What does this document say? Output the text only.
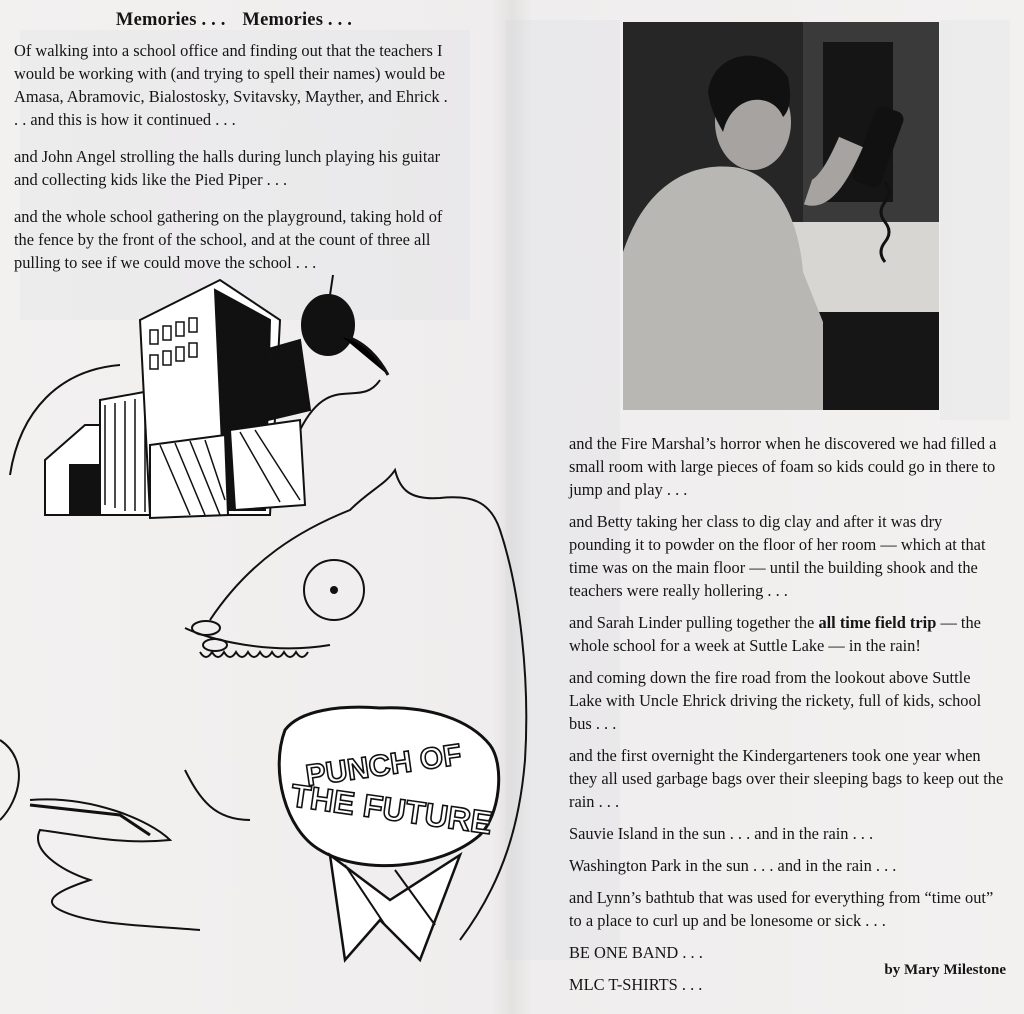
Memories . . . Memories . . .

Of walking into a school office and finding out that the teachers I would be working with (and trying to spell their names) would be Amasa, Abramovic, Bialostosky, Svitavsky, Mayther, and Ehrick . . . and this is how it continued . . .

and John Angel strolling the halls during lunch playing his guitar and collecting kids like the Pied Piper . . .

and the whole school gathering on the playground, taking hold of the fence by the front of the school, and at the count of three all pulling to see if we could move the school . . .

PUNCH OF
THE FUTURE

and the Fire Marshal’s horror when he discovered we had filled a small room with large pieces of foam so kids could go in there to jump and play . . .

and Betty taking her class to dig clay and after it was dry pounding it to powder on the floor of her room — which at that time was on the main floor — until the building shook and the teachers were really hollering . . .

and Sarah Linder pulling together the all time field trip — the whole school for a week at Suttle Lake — in the rain!

and coming down the fire road from the lookout above Suttle Lake with Uncle Ehrick driving the rickety, full of kids, school bus . . .

and the first overnight the Kindergarteners took one year when they all used garbage bags over their sleeping bags to keep out the rain . . .

Sauvie Island in the sun . . . and in the rain . . .

Washington Park in the sun . . . and in the rain . . .

and Lynn’s bathtub that was used for everything from “time out” to a place to curl up and be lonesome or sick . . .

BE ONE BAND . . .

MLC T-SHIRTS . . .

by Mary Milestone
